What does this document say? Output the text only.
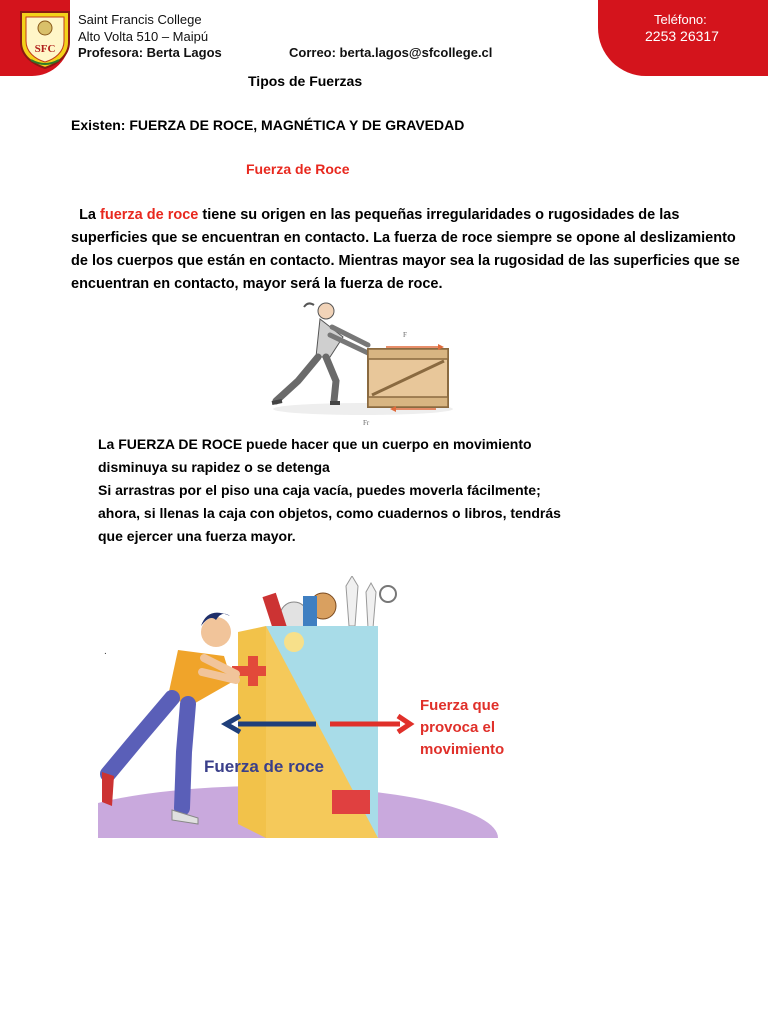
SFC
Saint Francis College
Alto Volta 510 – Maipú
Profesora: Berta Lagos	Correo: berta.lagos@sfcollege.cl
Teléfono:
2253 26317
Tipos de Fuerzas
Existen: FUERZA DE ROCE, MAGNÉTICA Y DE GRAVEDAD
Fuerza de Roce
La fuerza de roce tiene su origen en las pequeñas irregularidades o rugosidades de las superficies que se encuentran en contacto. La fuerza de roce siempre se opone al deslizamiento de los cuerpos que están en contacto. Mientras mayor sea la rugosidad de las superficies que se encuentran en contacto, mayor será la fuerza de roce.
F
Fr
La FUERZA DE ROCE puede hacer que un cuerpo en movimiento
disminuya su rapidez o se detenga
Si arrastras por el piso una caja vacía, puedes moverla fácilmente;
ahora, si llenas la caja con objetos, como cuadernos o libros, tendrás
que ejercer una fuerza mayor.
.
Fuerza de roce
Fuerza que
provoca el
movimiento
